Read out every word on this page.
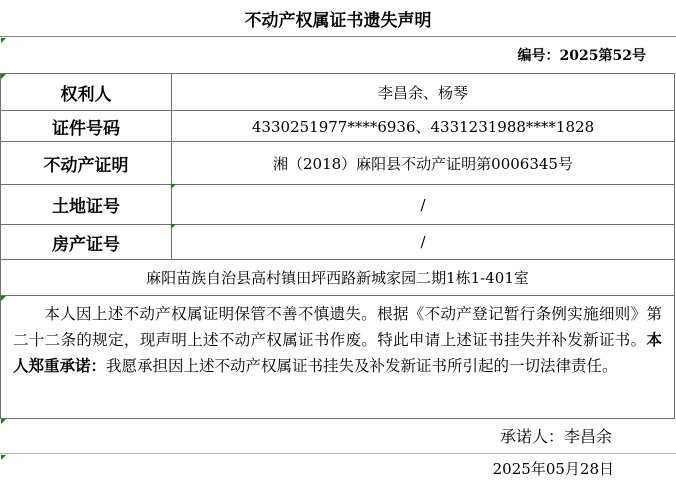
不动产权属证书遗失声明
编号：2025第52号
权利人	李昌余、杨琴
证件号码	4330251977****6936、4331231988****1828
不动产证明	湘（2018）麻阳县不动产证明第0006345号
土地证号	/
房产证号	/
麻阳苗族自治县高村镇田坪西路新城家园二期1栋1-401室	
本人因上述不动产权属证明保管不善不慎遗失。根据《不动产登记暂行条例实施细则》第二十二条的规定，现声明上述不动产权属证书作废。特此申请上述证书挂失并补发新证书。本人郑重承诺：我愿承担因上述不动产权属证书挂失及补发新证书所引起的一切法律责任。	
承诺人：李昌余
2025年05月28日
